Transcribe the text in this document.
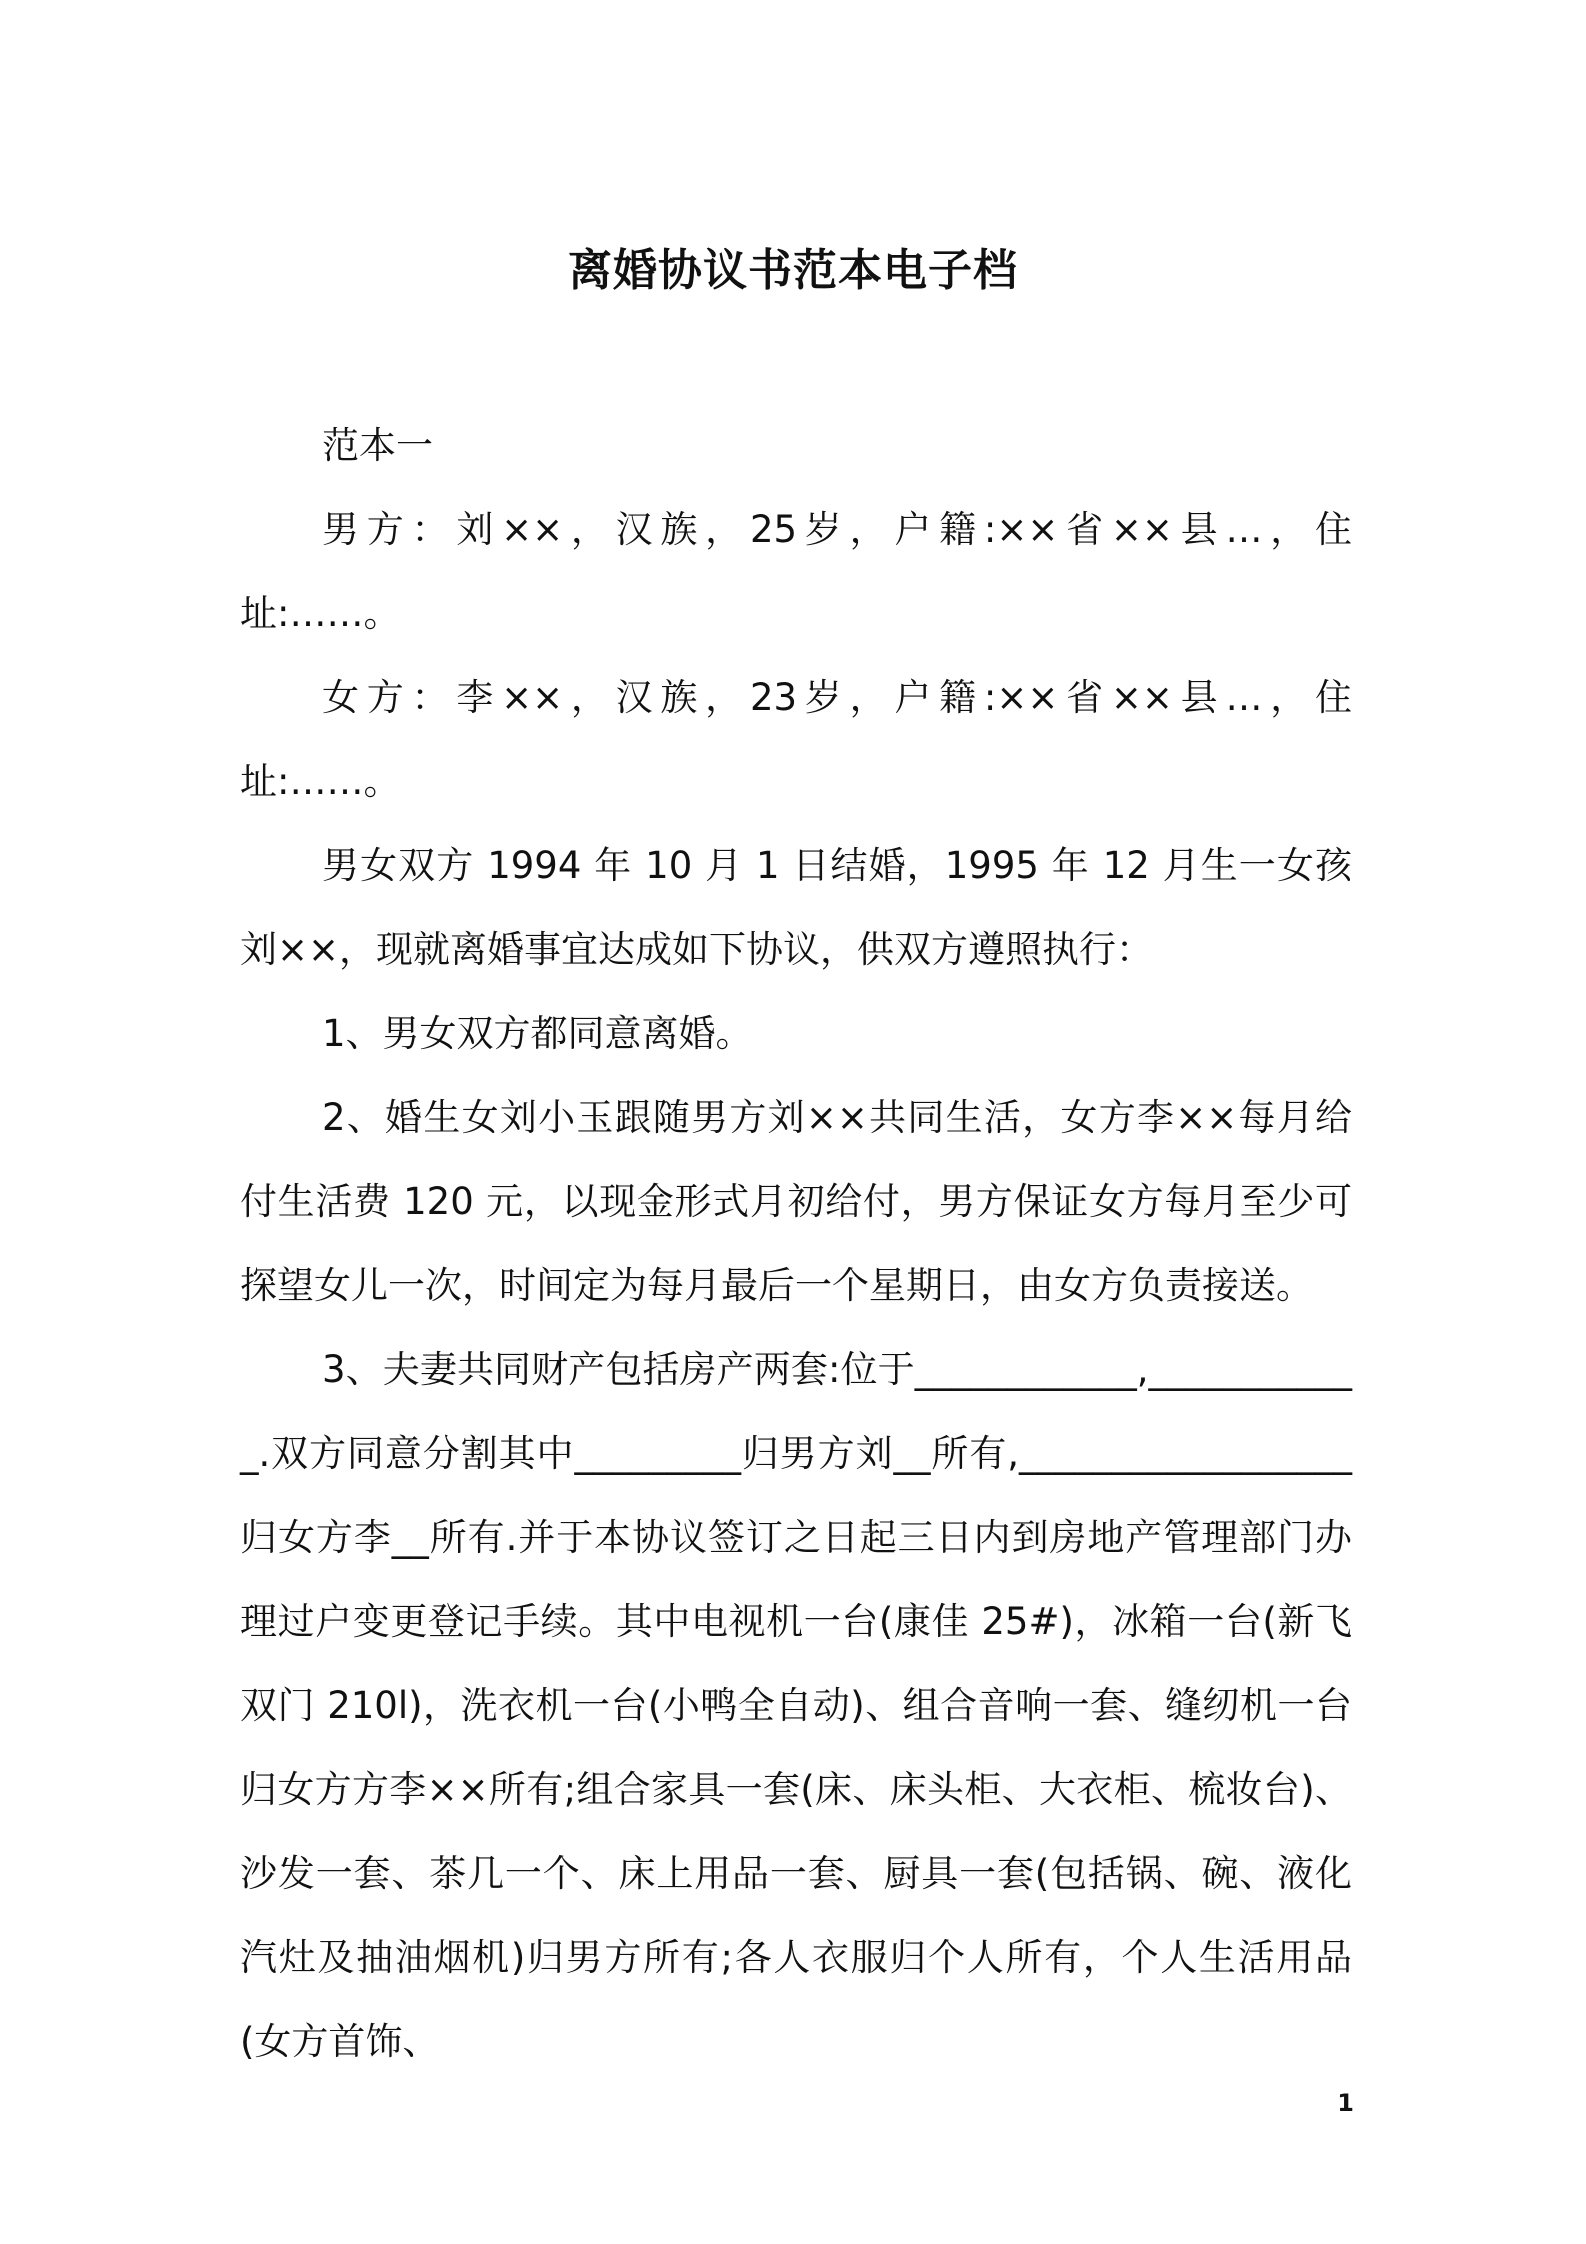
离婚协议书范本电子档

范本一

男方：刘××，汉族，25岁，户籍:××省××县…，住址:……。

女方：李××，汉族，23岁，户籍:××省××县…，住址:……。

男女双方 1994 年 10 月 1 日结婚，1995 年 12 月生一女孩刘××，现就离婚事宜达成如下协议，供双方遵照执行：

1、男女双方都同意离婚。

2、婚生女刘小玉跟随男方刘××共同生活，女方李××每月给付生活费 120 元，以现金形式月初给付，男方保证女方每月至少可探望女儿一次，时间定为每月最后一个星期日，由女方负责接送。

3、夫妻共同财产包括房产两套:位于____________,____________.双方同意分割其中_________归男方刘__所有,__________________归女方李__所有.并于本协议签订之日起三日内到房地产管理部门办理过户变更登记手续。其中电视机一台(康佳 25#)，冰箱一台(新飞双门 210l)，洗衣机一台(小鸭全自动)、组合音响一套、缝纫机一台归女方方李××所有;组合家具一套(床、床头柜、大衣柜、梳妆台)、沙发一套、茶几一个、床上用品一套、厨具一套(包括锅、碗、液化汽灶及抽油烟机)归男方所有;各人衣服归个人所有，个人生活用品(女方首饰、

1
